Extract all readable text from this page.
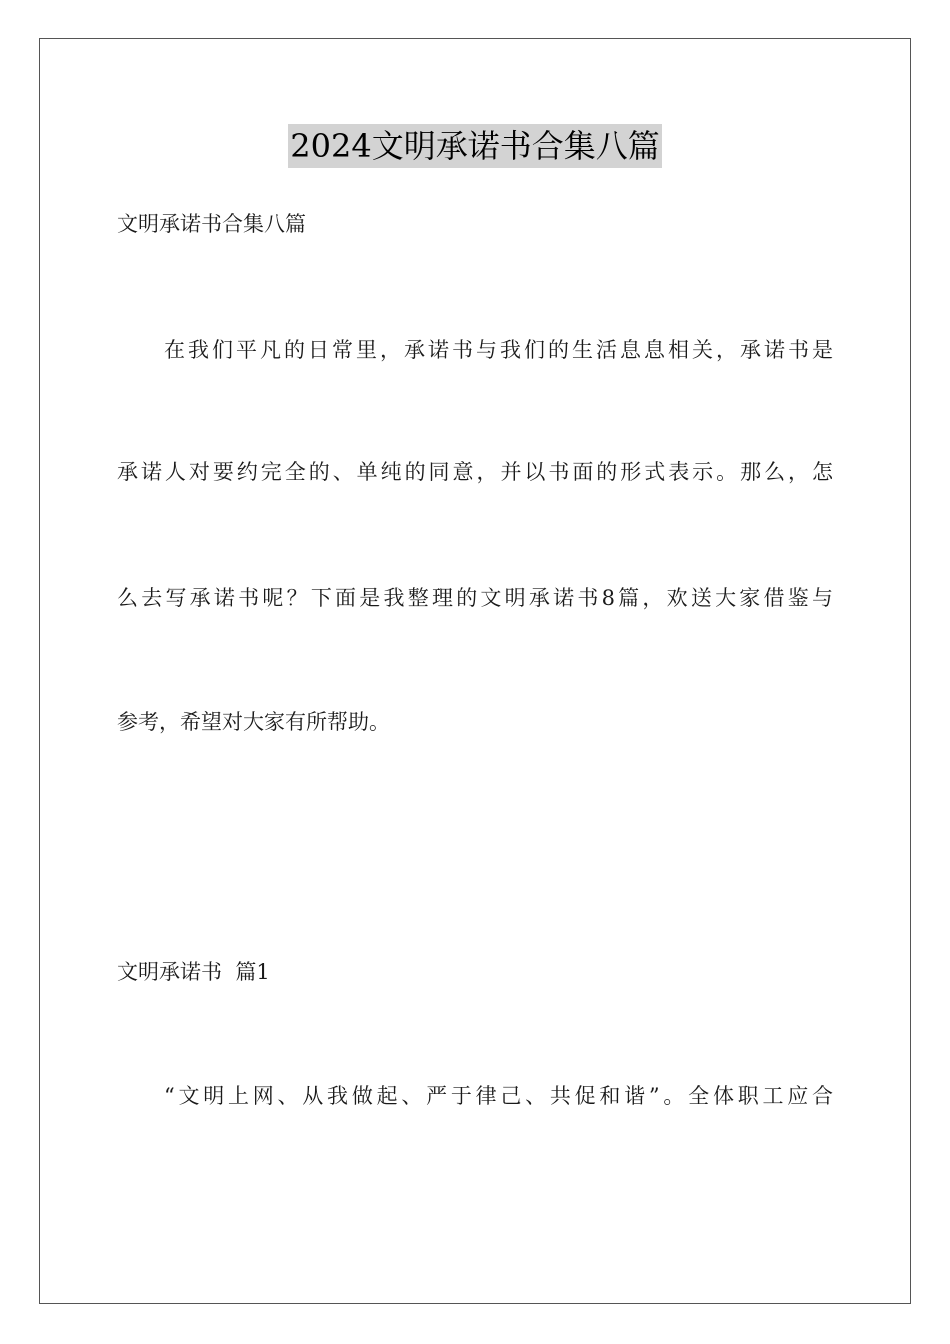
2024文明承诺书合集八篇
文明承诺书合集八篇
在我们平凡的日常里，承诺书与我们的生活息息相关，承诺书是
承诺人对要约完全的、单纯的同意，并以书面的形式表示。那么，怎
么去写承诺书呢？下面是我整理的文明承诺书8篇，欢送大家借鉴与
参考，希望对大家有所帮助。
文明承诺书  篇1
“文明上网、从我做起、严于律己、共促和谐”。全体职工应合
